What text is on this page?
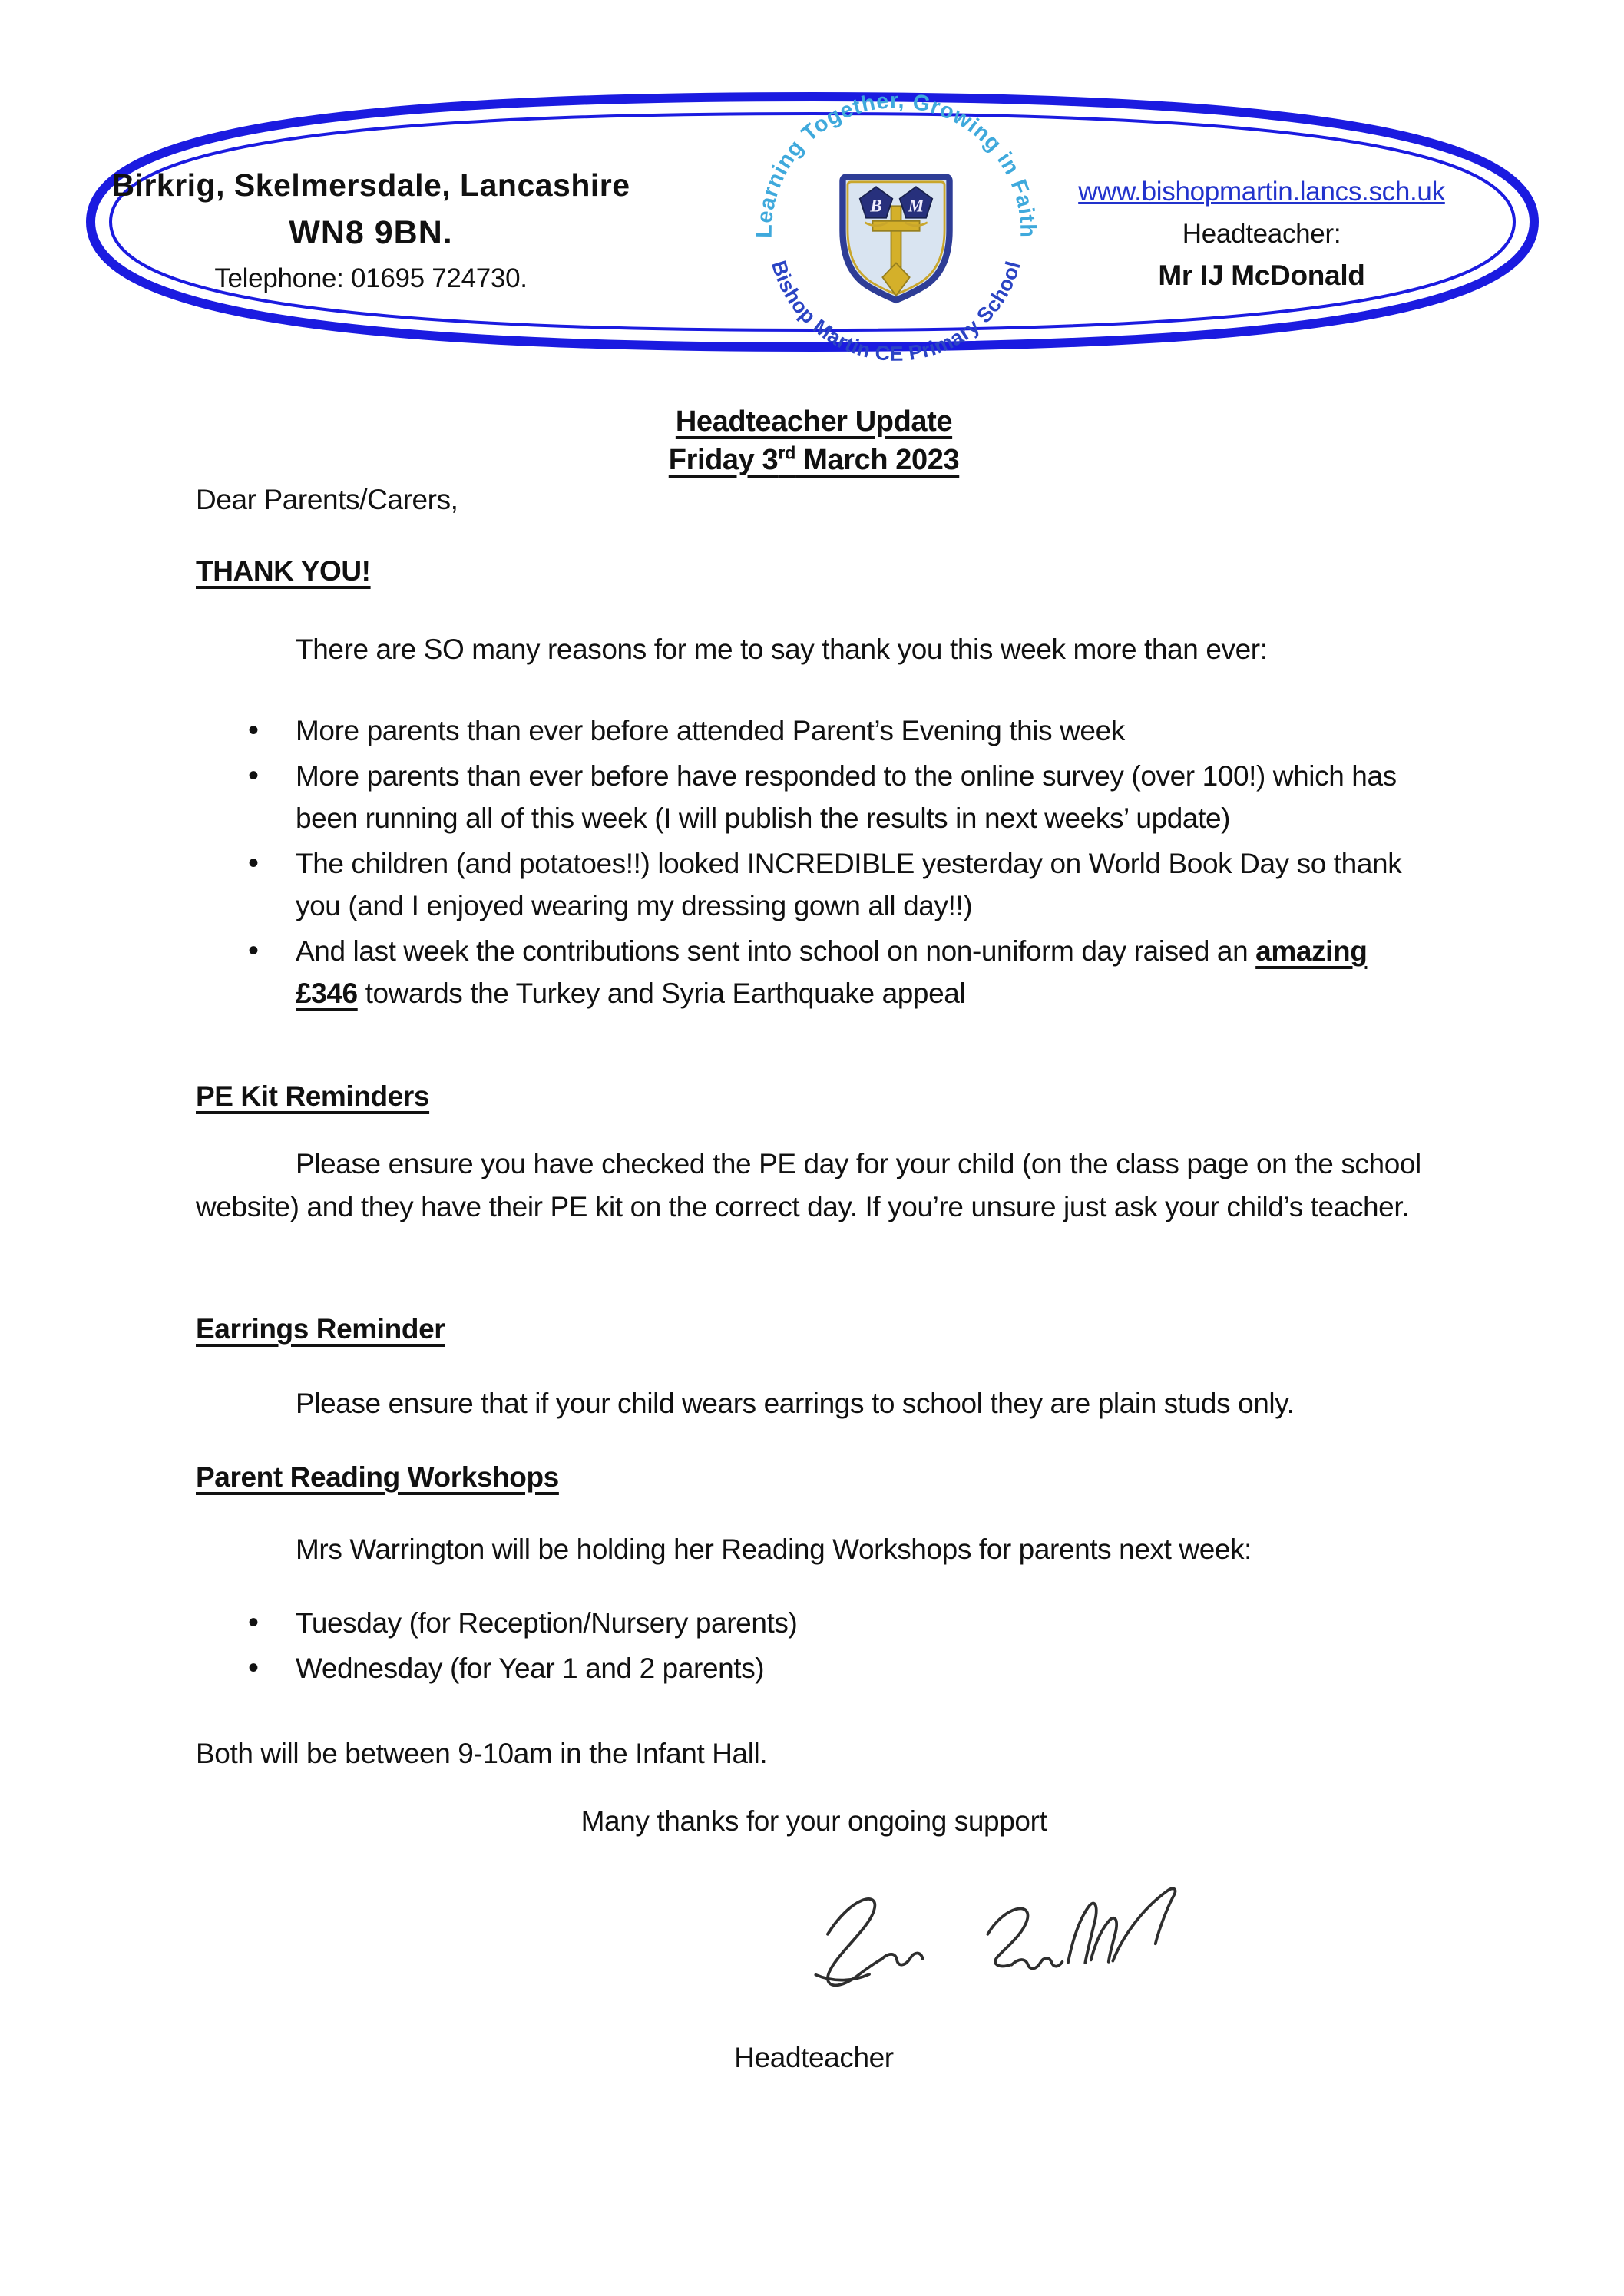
Birkrig, Skelmersdale, Lancashire
WN8 9BN.
Telephone: 01695 724730.
B M
Learning Together, Growing in Faith
Bishop Martin CE Primary School
www.bishopmartin.lancs.sch.uk
Headteacher:
Mr IJ McDonald
Headteacher Update
Friday 3rd March 2023
Dear Parents/Carers,
THANK YOU!
There are SO many reasons for me to say thank you this week more than ever:
• More parents than ever before attended Parent’s Evening this week
• More parents than ever before have responded to the online survey (over 100!) which has been running all of this week (I will publish the results in next weeks’ update)
• The children (and potatoes!!) looked INCREDIBLE yesterday on World Book Day so thank you (and I enjoyed wearing my dressing gown all day!!)
• And last week the contributions sent into school on non-uniform day raised an amazing £346 towards the Turkey and Syria Earthquake appeal
PE Kit Reminders
Please ensure you have checked the PE day for your child (on the class page on the school website) and they have their PE kit on the correct day. If you’re unsure just ask your child’s teacher.
Earrings Reminder
Please ensure that if your child wears earrings to school they are plain studs only.
Parent Reading Workshops
Mrs Warrington will be holding her Reading Workshops for parents next week:
• Tuesday (for Reception/Nursery parents)
• Wednesday (for Year 1 and 2 parents)
Both will be between 9-10am in the Infant Hall.
Many thanks for your ongoing support
Headteacher
